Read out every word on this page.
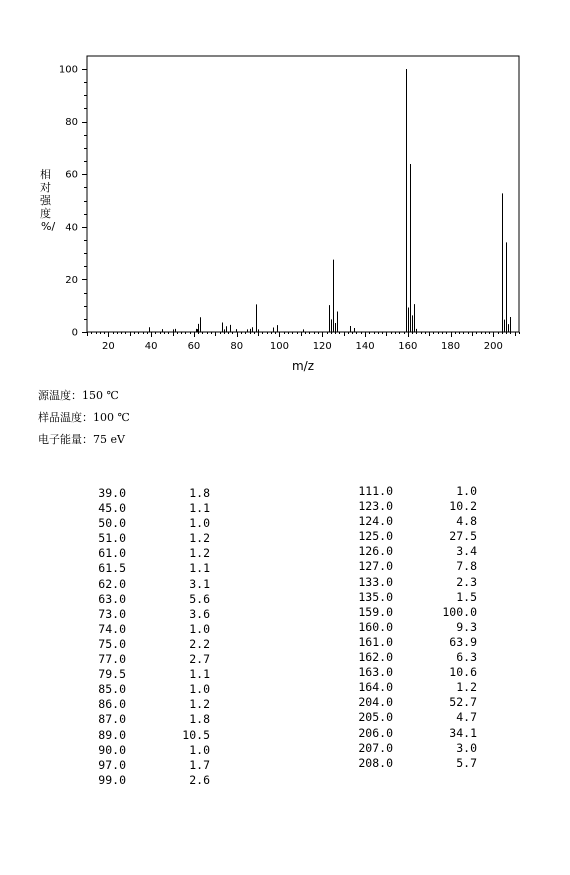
20	40	60	80	100 120 140 160 180 200
0
20
40
60
80
100
m/z
相
对
强
度
%/
源温度：150 ℃
样品温度：100 ℃
电子能量：75 eV
39.0	1.8
45.0	1.1
50.0	1.0
51.0	1.2
61.0	1.2
61.5	1.1
62.0	3.1
63.0	5.6
73.0	3.6
74.0	1.0
75.0	2.2
77.0	2.7
79.5	1.1
85.0	1.0
86.0	1.2
87.0	1.8
89.0	10.5
90.0	1.0
97.0	1.7
99.0	2.6
111.0	1.0
123.0	10.2
124.0	4.8
125.0	27.5
126.0	3.4
127.0	7.8
133.0	2.3
135.0	1.5
159.0	100.0
160.0	9.3
161.0	63.9
162.0	6.3
163.0	10.6
164.0	1.2
204.0	52.7
205.0	4.7
206.0	34.1
207.0	3.0
208.0	5.7
